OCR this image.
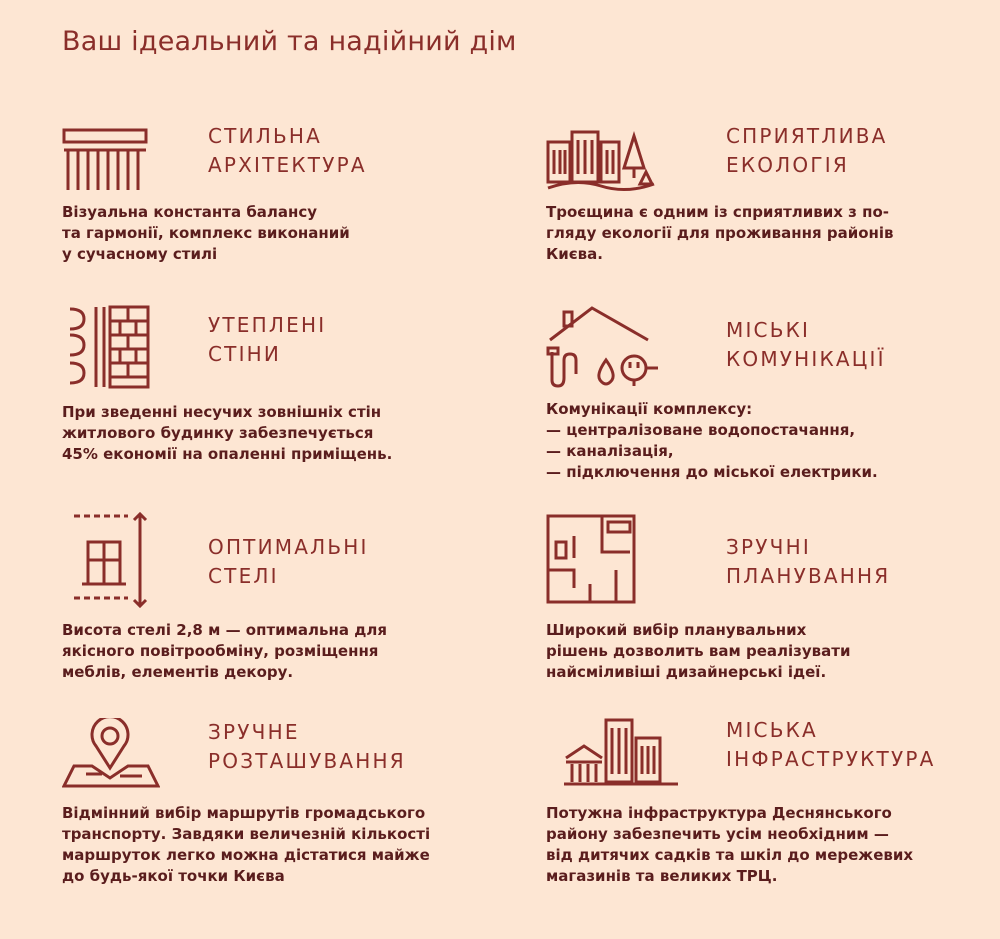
Ваш ідеальний та надійний дім
СТИЛЬНА
АРХІТЕКТУРА
Візуальна константа балансу
та гармонії, комплекс виконаний
у сучасному стилі
СПРИЯТЛИВА
ЕКОЛОГІЯ
Троєщина є одним із сприятливих з по-
гляду екології для проживання районів
Києва.
УТЕПЛЕНІ
СТІНИ
При зведенні несучих зовнішніх стін
житлового будинку забезпечується
45% економії на опаленні приміщень.
МІСЬКІ
КОМУНІКАЦІЇ
Комунікації комплексу:
— централізоване водопостачання,
— каналізація,
— підключення до міської електрики.
ОПТИМАЛЬНІ
СТЕЛІ
Висота стелі 2,8 м — оптимальна для
якісного повітрообміну, розміщення
меблів, елементів декору.
ЗРУЧНІ
ПЛАНУВАННЯ
Широкий вибір планувальних
рішень дозволить вам реалізувати
найсміливіші дизайнерські ідеї.
ЗРУЧНЕ
РОЗТАШУВАННЯ
Відмінний вибір маршрутів громадського
транспорту. Завдяки величезній кількості
маршруток легко можна дістатися майже
до будь-якої точки Києва
МІСЬКА
ІНФРАСТРУКТУРА
Потужна інфраструктура Деснянського
району забезпечить усім необхідним —
від дитячих садків та шкіл до мережевих
магазинів та великих ТРЦ.
